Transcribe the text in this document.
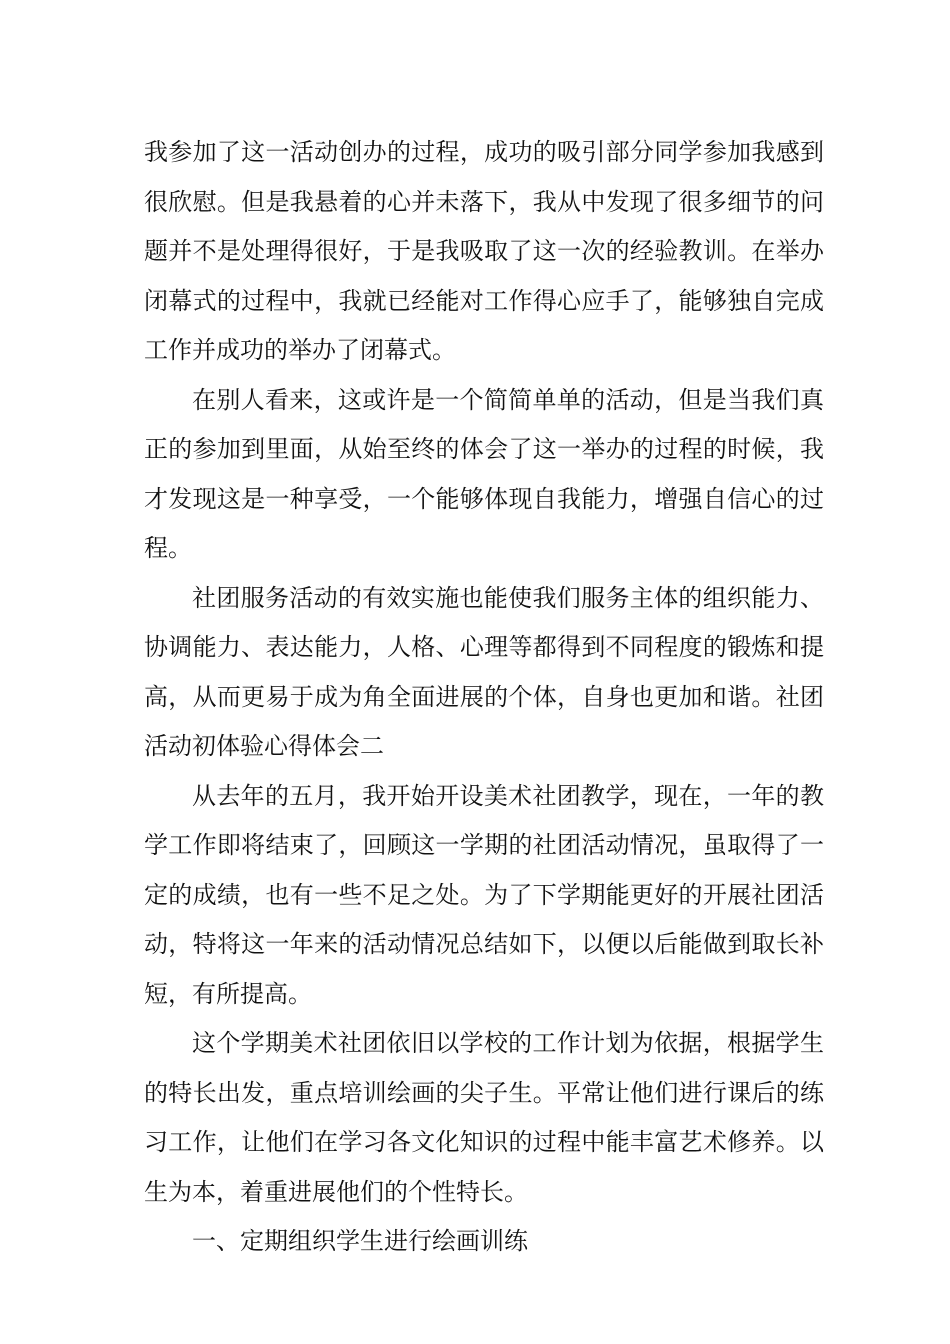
我参加了这一活动创办的过程，成功的吸引部分同学参加我感到很欣慰。但是我悬着的心并未落下，我从中发现了很多细节的问题并不是处理得很好，于是我吸取了这一次的经验教训。在举办闭幕式的过程中，我就已经能对工作得心应手了，能够独自完成工作并成功的举办了闭幕式。

在别人看来，这或许是一个简简单单的活动，但是当我们真正的参加到里面，从始至终的体会了这一举办的过程的时候，我才发现这是一种享受，一个能够体现自我能力，增强自信心的过程。

社团服务活动的有效实施也能使我们服务主体的组织能力、协调能力、表达能力，人格、心理等都得到不同程度的锻炼和提高，从而更易于成为角全面进展的个体，自身也更加和谐。社团活动初体验心得体会二

从去年的五月，我开始开设美术社团教学，现在，一年的教学工作即将结束了，回顾这一学期的社团活动情况，虽取得了一定的成绩，也有一些不足之处。为了下学期能更好的开展社团活动，特将这一年来的活动情况总结如下，以便以后能做到取长补短，有所提高。

这个学期美术社团依旧以学校的工作计划为依据，根据学生的特长出发，重点培训绘画的尖子生。平常让他们进行课后的练习工作，让他们在学习各文化知识的过程中能丰富艺术修养。以生为本，着重进展他们的个性特长。

一、定期组织学生进行绘画训练
